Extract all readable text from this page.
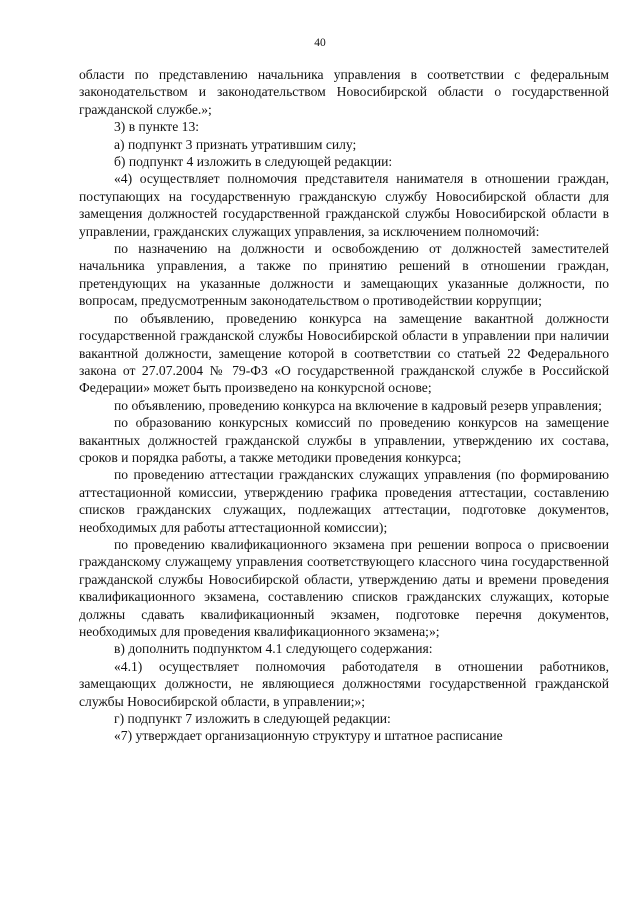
40

области по представлению начальника управления в соответствии с федеральным законодательством и законодательством Новосибирской области о государственной гражданской службе.»;

3) в пункте 13:

а) подпункт 3 признать утратившим силу;

б) подпункт 4 изложить в следующей редакции:

«4) осуществляет полномочия представителя нанимателя в отношении граждан, поступающих на государственную гражданскую службу Новосибирской области для замещения должностей государственной гражданской службы Новосибирской области в управлении, гражданских служащих управления, за исключением полномочий:

по назначению на должности и освобождению от должностей заместителей начальника управления, а также по принятию решений в отношении граждан, претендующих на указанные должности и замещающих указанные должности, по вопросам, предусмотренным законодательством о противодействии коррупции;

по объявлению, проведению конкурса на замещение вакантной должности государственной гражданской службы Новосибирской области в управлении при наличии вакантной должности, замещение которой в соответствии со статьей 22 Федерального закона от 27.07.2004 № 79-ФЗ «О государственной гражданской службе в Российской Федерации» может быть произведено на конкурсной основе;

по объявлению, проведению конкурса на включение в кадровый резерв управления;

по образованию конкурсных комиссий по проведению конкурсов на замещение вакантных должностей гражданской службы в управлении, утверждению их состава, сроков и порядка работы, а также методики проведения конкурса;

по проведению аттестации гражданских служащих управления (по формированию аттестационной комиссии, утверждению графика проведения аттестации, составлению списков гражданских служащих, подлежащих аттестации, подготовке документов, необходимых для работы аттестационной комиссии);

по проведению квалификационного экзамена при решении вопроса о присвоении гражданскому служащему управления соответствующего классного чина государственной гражданской службы Новосибирской области, утверждению даты и времени проведения квалификационного экзамена, составлению списков гражданских служащих, которые должны сдавать квалификационный экзамен, подготовке перечня документов, необходимых для проведения квалификационного экзамена;»;

в) дополнить подпунктом 4.1 следующего содержания:

«4.1) осуществляет полномочия работодателя в отношении работников, замещающих должности, не являющиеся должностями государственной гражданской службы Новосибирской области, в управлении;»;

г) подпункт 7 изложить в следующей редакции:

«7) утверждает организационную структуру и штатное расписание
